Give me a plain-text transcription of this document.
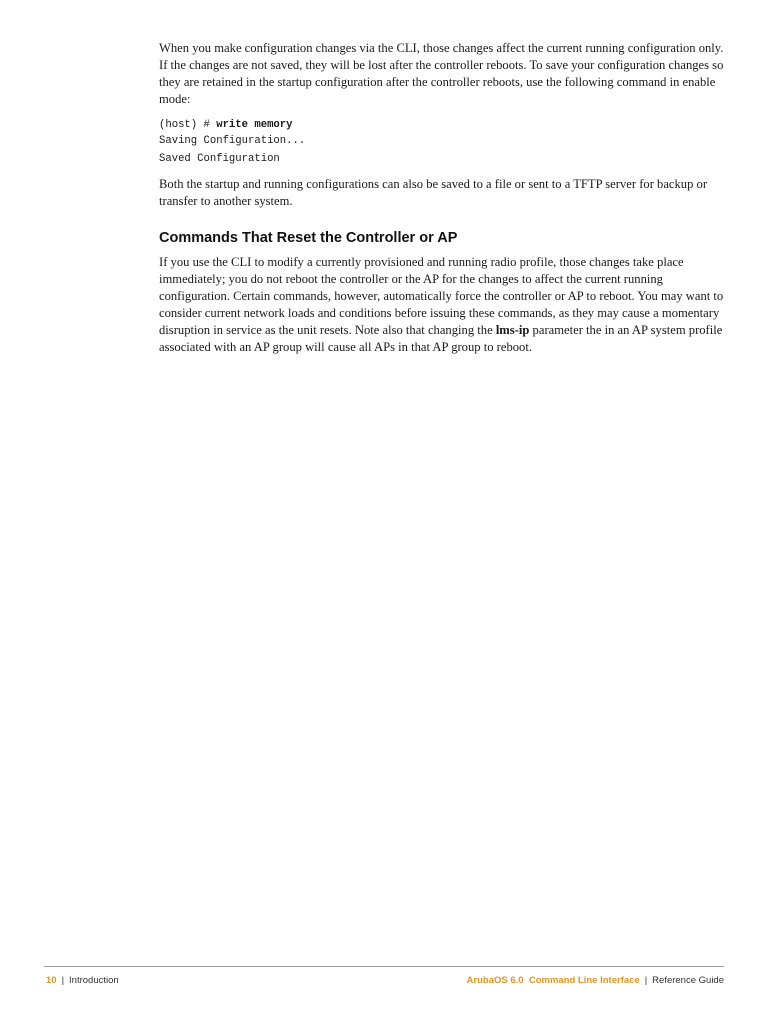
When you make configuration changes via the CLI, those changes affect the current running configuration only. If the changes are not saved, they will be lost after the controller reboots. To save your configuration changes so they are retained in the startup configuration after the controller reboots, use the following command in enable mode:

(host) # write memory
Saving Configuration...
Saved Configuration

Both the startup and running configurations can also be saved to a file or sent to a TFTP server for backup or transfer to another system.

Commands That Reset the Controller or AP

If you use the CLI to modify a currently provisioned and running radio profile, those changes take place immediately; you do not reboot the controller or the AP for the changes to affect the current running configuration. Certain commands, however, automatically force the controller or AP to reboot. You may want to consider current network loads and conditions before issuing these commands, as they may cause a momentary disruption in service as the unit resets. Note also that changing the lms-ip parameter the in an AP system profile associated with an AP group will cause all APs in that AP group to reboot.

10 | Introduction	ArubaOS 6.0 Command Line Interface | Reference Guide
